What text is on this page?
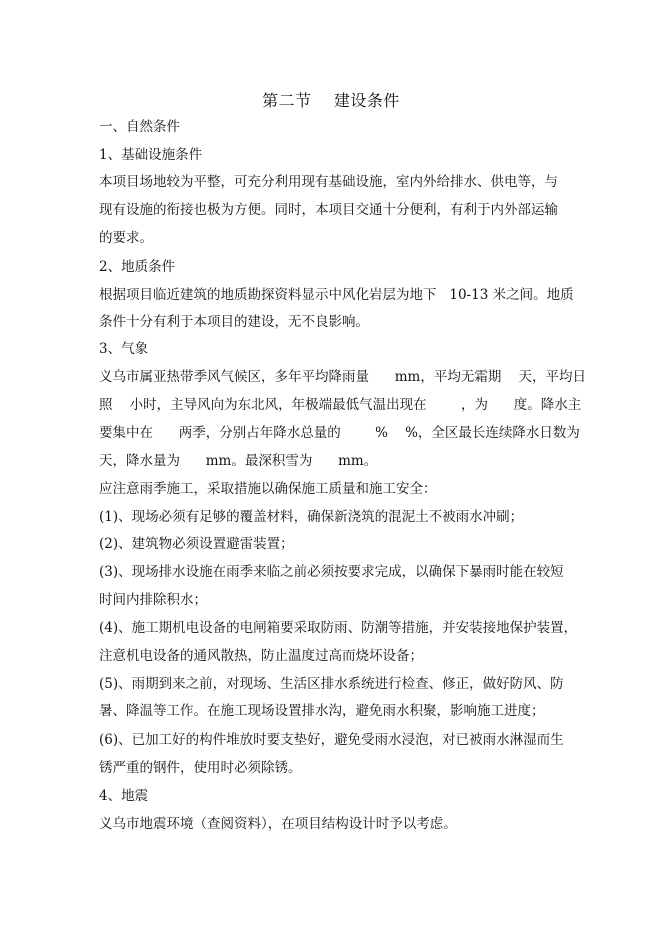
第二节    建设条件
一、自然条件
1、基础设施条件
本项目场地较为平整，可充分利用现有基础设施，室内外给排水、供电等，与
现有设施的衔接也极为方便。同时，本项目交通十分便利，有利于内外部运输
的要求。
2、地质条件
根据项目临近建筑的地质勘探资料显示中风化岩层为地下   10-13 米之间。地质
条件十分有利于本项目的建设，无不良影响。
3、气象
义乌市属亚热带季风气候区，多年平均降雨量      mm，平均无霜期    天，平均日
照    小时，主导风向为东北风，年极端最低气温出现在        ，为      度。降水主
要集中在      两季，分别占年降水总量的        %    %，全区最长连续降水日数为
天，降水量为      mm。最深积雪为      mm。
应注意雨季施工，采取措施以确保施工质量和施工安全：
(1)、现场必须有足够的覆盖材料，确保新浇筑的混泥土不被雨水冲刷；
(2)、建筑物必须设置避雷装置；
(3)、现场排水设施在雨季来临之前必须按要求完成，以确保下暴雨时能在较短
时间内排除积水；
(4)、施工期机电设备的电闸箱要采取防雨、防潮等措施，并安装接地保护装置，
注意机电设备的通风散热，防止温度过高而烧坏设备；
(5)、雨期到来之前，对现场、生活区排水系统进行检查、修正，做好防风、防
暑、降温等工作。在施工现场设置排水沟，避免雨水积聚，影响施工进度；
(6)、已加工好的构件堆放时要支垫好，避免受雨水浸泡，对已被雨水淋湿而生
锈严重的钢件，使用时必须除锈。
4、地震
义乌市地震环境（查阅资料），在项目结构设计时予以考虑。
